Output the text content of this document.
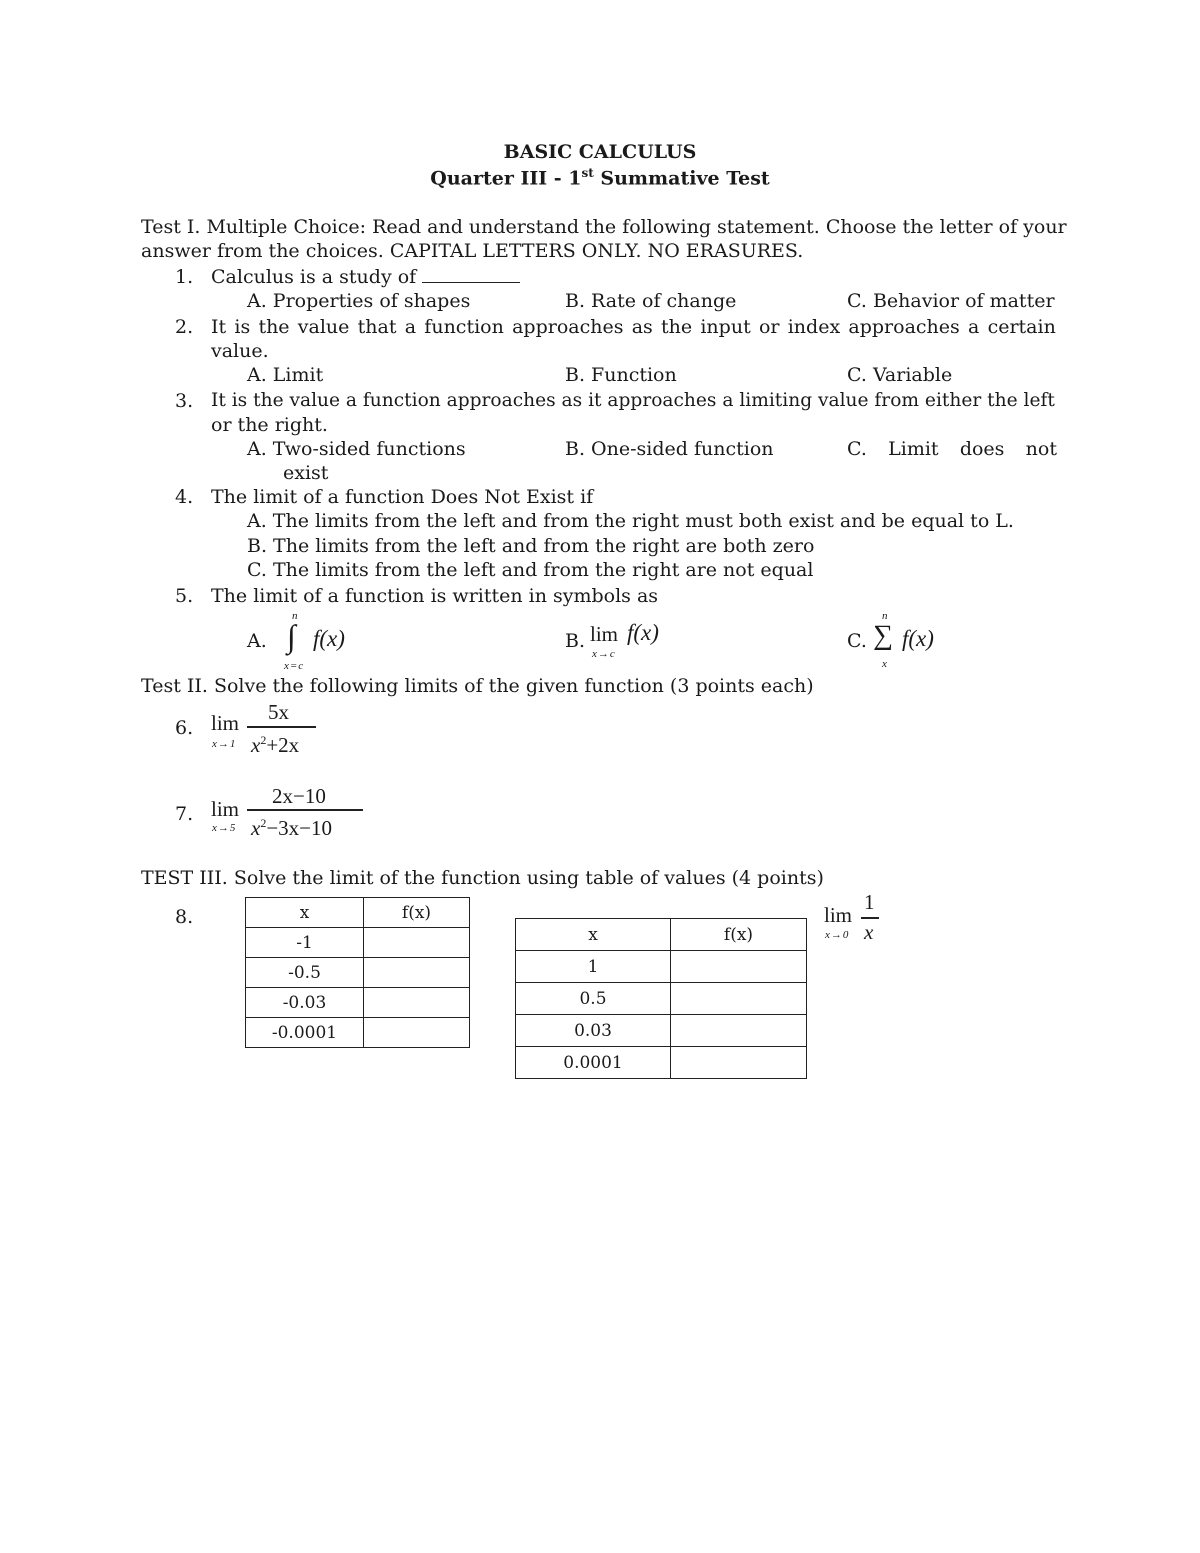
BASIC CALCULUS
Quarter III - 1st Summative Test
Test I. Multiple Choice: Read and understand the following statement. Choose the letter of your
answer from the choices. CAPITAL LETTERS ONLY. NO ERASURES.
1. Calculus is a study of
A. Properties of shapes	B. Rate of change	C. Behavior of matter
2. It is the value that a function approaches as the input or index approaches a certain
value.
A. Limit	B. Function	C. Variable
3. It is the value a function approaches as it approaches a limiting value from either the left
or the right.
A. Two-sided functions	B. One-sided function	C. Limit does not
exist
4. The limit of a function Does Not Exist if
A. The limits from the left and from the right must both exist and be equal to L.
B. The limits from the left and from the right are both zero
C. The limits from the left and from the right are not equal
5. The limit of a function is written in symbols as
A.
n
∫
x=c
f(x)	B. lim
x→c
f(x)	C.
n
∑
x
f(x)
Test II. Solve the following limits of the given function (3 points each)
6. lim
x→1
5x
$x^2+2x$
7. lim
x→5
2x−10
$x^2-3x-10$
TEST III. Solve the limit of the function using table of values (4 points)
8.	x	f(x)
-1	
-0.5	
-0.03	
-0.0001	
x	f(x)
1	
0.5	
0.03	
0.0001	
lim
x→0
1
x
